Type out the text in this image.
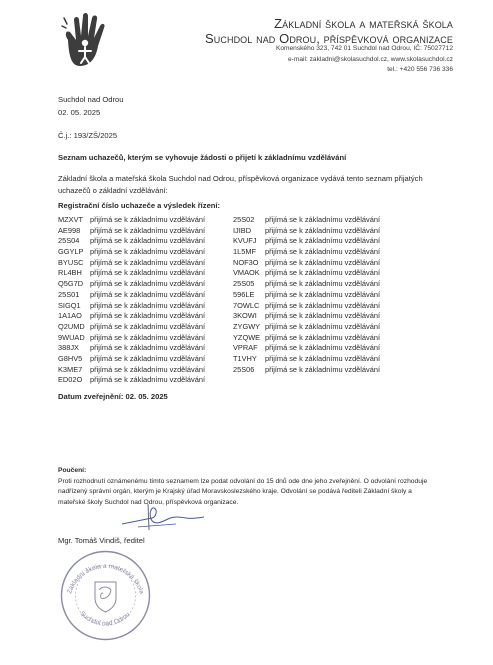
Základní škola a mateřská škola
Suchdol nad Odrou, příspěvková organizace
Komenského 323, 742 01 Suchdol nad Odrou, IČ: 75027712
e-mail: zakladni@skolasuchdol.cz, www.skolasuchdol.cz
tel.: +420 556 736 336
Suchdol nad Odrou
02. 05. 2025
Č.j.: 193/ZŠ/2025
Seznam uchazečů, kterým se vyhovuje žádosti o přijetí k základnímu vzdělávání
Základní škola a mateřská škola Suchdol nad Odrou, příspěvková organizace vydává tento seznam přijatých uchazečů o základní vzdělávání:
Registrační číslo uchazeče a výsledek řízení:
MZXVT přijímá se k základnímu vzdělávání
AE998 přijímá se k základnímu vzdělávání
25S04 přijímá se k základnímu vzdělávání
GGYLP přijímá se k základnímu vzdělávání
BYUSC přijímá se k základnímu vzdělávání
RL4BH přijímá se k základnímu vzdělávání
Q5G7D přijímá se k základnímu vzdělávání
25S01 přijímá se k základnímu vzdělávání
SIGQ1 přijímá se k základnímu vzdělávání
1A1AO přijímá se k základnímu vzdělávání
Q2UMD přijímá se k základnímu vzdělávání
9WUAD přijímá se k základnímu vzdělávání
388JX přijímá se k základnímu vzdělávání
G8HV5 přijímá se k základnímu vzdělávání
K3ME7 přijímá se k základnímu vzdělávání
ED02O přijímá se k základnímu vzdělávání
25S02 přijímá se k základnímu vzdělávání
IJIBD přijímá se k základnímu vzdělávání
KVUFJ přijímá se k základnímu vzdělávání
1L5MF přijímá se k základnímu vzdělávání
NOF3O přijímá se k základnímu vzdělávání
VMAOK přijímá se k základnímu vzdělávání
25S05 přijímá se k základnímu vzdělávání
596LE přijímá se k základnímu vzdělávání
7OWLC přijímá se k základnímu vzdělávání
3KOWI přijímá se k základnímu vzdělávání
ZYGWY přijímá se k základnímu vzdělávání
YZQWE přijímá se k základnímu vzdělávání
VPRAF přijímá se k základnímu vzdělávání
T1VHY přijímá se k základnímu vzdělávání
25S06 přijímá se k základnímu vzdělávání
Datum zveřejnění: 02. 05. 2025
Poučení:
Proti rozhodnutí oznámenému tímto seznamem lze podat odvolání do 15 dnů ode dne jeho zveřejnění. O odvolání rozhoduje nadřízený správní orgán, kterým je Krajský úřad Moravskoslezského kraje. Odvolání se podává řediteli Základní školy a mateřské školy Suchdol nad Odrou, příspěvková organizace.
Mgr. Tomáš Vindiš, ředitel
Základní škola a mateřská škola
Suchdol nad Odrou
